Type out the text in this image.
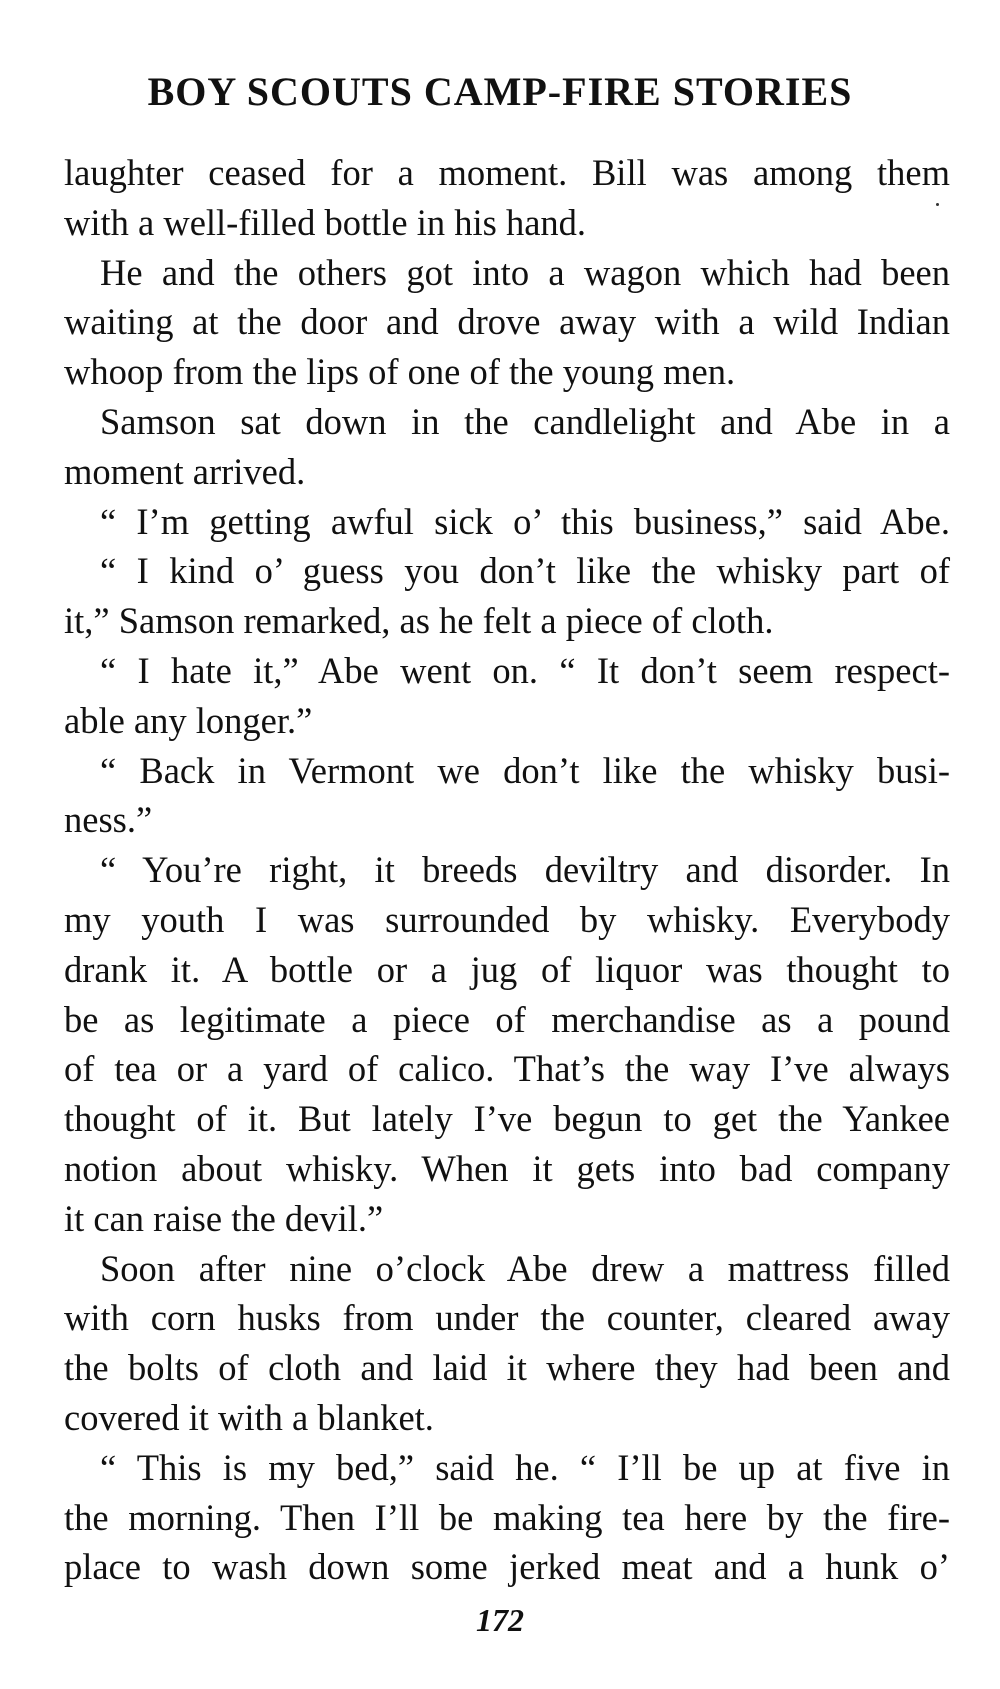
BOY SCOUTS CAMP-FIRE STORIES
laughter ceased for a moment. Bill was among them
with a well-filled bottle in his hand.
He and the others got into a wagon which had been
waiting at the door and drove away with a wild Indian
whoop from the lips of one of the young men.
Samson sat down in the candlelight and Abe in a
moment arrived.
“ I’m getting awful sick o’ this business,” said Abe.
“ I kind o’ guess you don’t like the whisky part of
it,” Samson remarked, as he felt a piece of cloth.
“ I hate it,” Abe went on. “ It don’t seem respect-
able any longer.”
“ Back in Vermont we don’t like the whisky busi-
ness.”
“ You’re right, it breeds deviltry and disorder. In
my youth I was surrounded by whisky. Everybody
drank it. A bottle or a jug of liquor was thought to
be as legitimate a piece of merchandise as a pound
of tea or a yard of calico. That’s the way I’ve always
thought of it. But lately I’ve begun to get the Yankee
notion about whisky. When it gets into bad company
it can raise the devil.”
Soon after nine o’clock Abe drew a mattress filled
with corn husks from under the counter, cleared away
the bolts of cloth and laid it where they had been and
covered it with a blanket.
“ This is my bed,” said he. “ I’ll be up at five in
the morning. Then I’ll be making tea here by the fire-
place to wash down some jerked meat and a hunk o’
172
